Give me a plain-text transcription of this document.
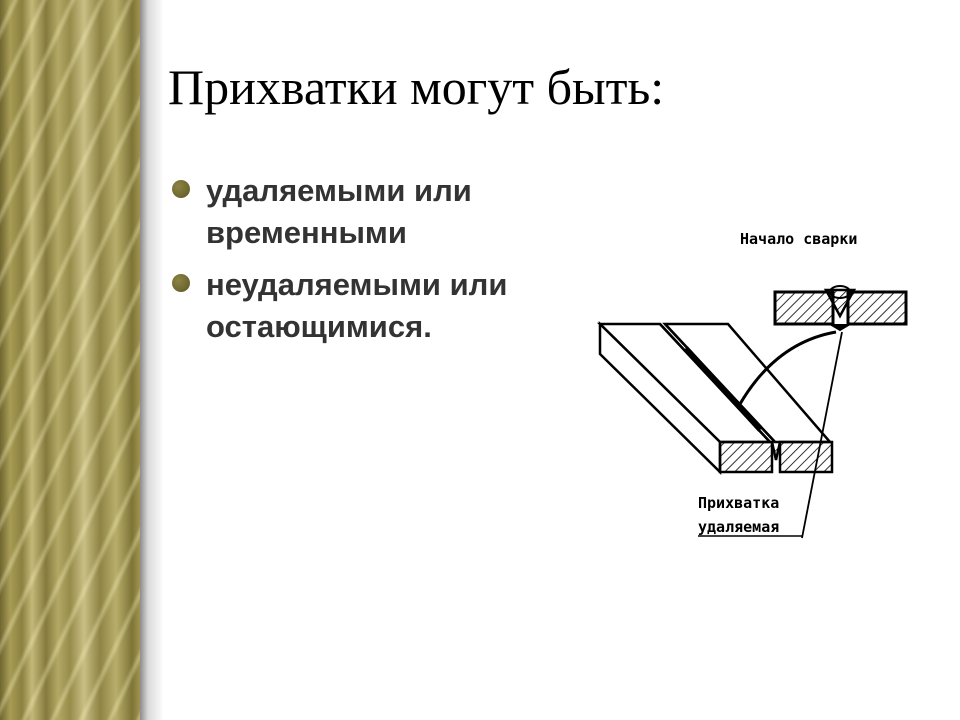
Прихватки могут быть:
удаляемыми или временными
неудаляемыми или остающимися.
Начало сварки
Прихватка
удаляемая
